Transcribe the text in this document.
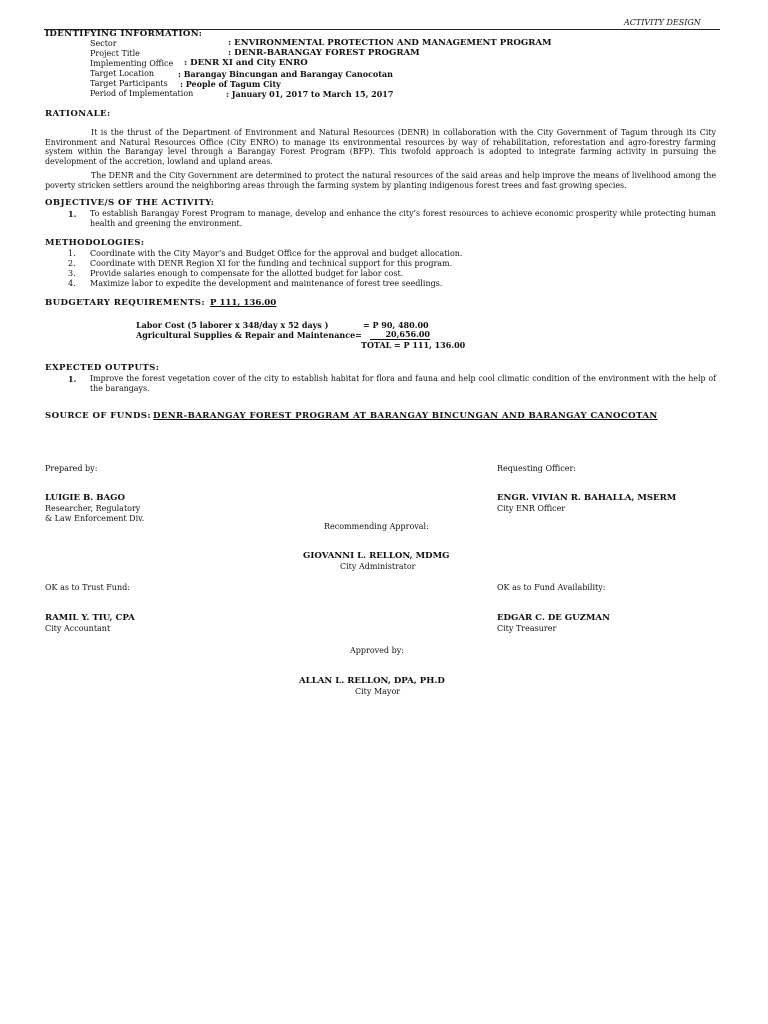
ACTIVITY DESIGN
IDENTIFYING INFORMATION:
Sector	: ENVIRONMENTAL PROTECTION AND MANAGEMENT PROGRAM
Project Title	: DENR-BARANGAY FOREST PROGRAM
Implementing Office : DENR XI and City ENRO
Target Location	: Barangay Bincungan and Barangay Canocotan
Target Participants : People of Tagum City
Period of Implementation	: January 01, 2017 to March 15, 2017
RATIONALE:
It is the thrust of the Department of Environment and Natural Resources (DENR) in collaboration with the City Government of Tagum through its City Environment and Natural Resources Office (City ENRO) to manage its environmental resources by way of rehabilitation, reforestation and agro-forestry farming system within the Barangay level through a Barangay Forest Program (BFP). This twofold approach is adopted to integrate farming activity in pursuing the development of the accretion, lowland and upland areas.
The DENR and the City Government are determined to protect the natural resources of the said areas and help improve the means of livelihood among the poverty stricken settlers around the neighboring areas through the farming system by planting indigenous forest trees and fast growing species.
OBJECTIVE/S OF THE ACTIVITY:
1. To establish Barangay Forest Program to manage, develop and enhance the city’s forest resources to achieve economic prosperity while protecting human health and greening the environment.
METHODOLOGIES:
1. Coordinate with the City Mayor’s and Budget Office for the approval and budget allocation.
2. Coordinate with DENR Region XI for the funding and technical support for this program.
3. Provide salaries enough to compensate for the allotted budget for labor cost.
4. Maximize labor to expedite the development and maintenance of forest tree seedlings.
BUDGETARY REQUIREMENTS: P 111, 136.00
Labor Cost (5 laborer x 348/day x 52 days )	= P 90, 480.00
Agricultural Supplies & Repair and Maintenance=	20,656.00
TOTAL = P 111, 136.00
EXPECTED OUTPUTS:
1. Improve the forest vegetation cover of the city to establish habitat for flora and fauna and help cool climatic condition of the environment with the help of the barangays.
SOURCE OF FUNDS: DENR-BARANGAY FOREST PROGRAM AT BARANGAY BINCUNGAN AND BARANGAY CANOCOTAN
Prepared by:	Requesting Officer:
LUIGIE B. BAGO
Researcher, Regulatory
& Law Enforcement Div.
ENGR. VIVIAN R. BAHALLA, MSERM
City ENR Officer
Recommending Approval:
GIOVANNI L. RELLON, MDMG
City Administrator
OK as to Trust Fund:	OK as to Fund Availability:
RAMIL Y. TIU, CPA
City Accountant
EDGAR C. DE GUZMAN
City Treasurer
Approved by:
ALLAN L. RELLON, DPA, PH.D
City Mayor
